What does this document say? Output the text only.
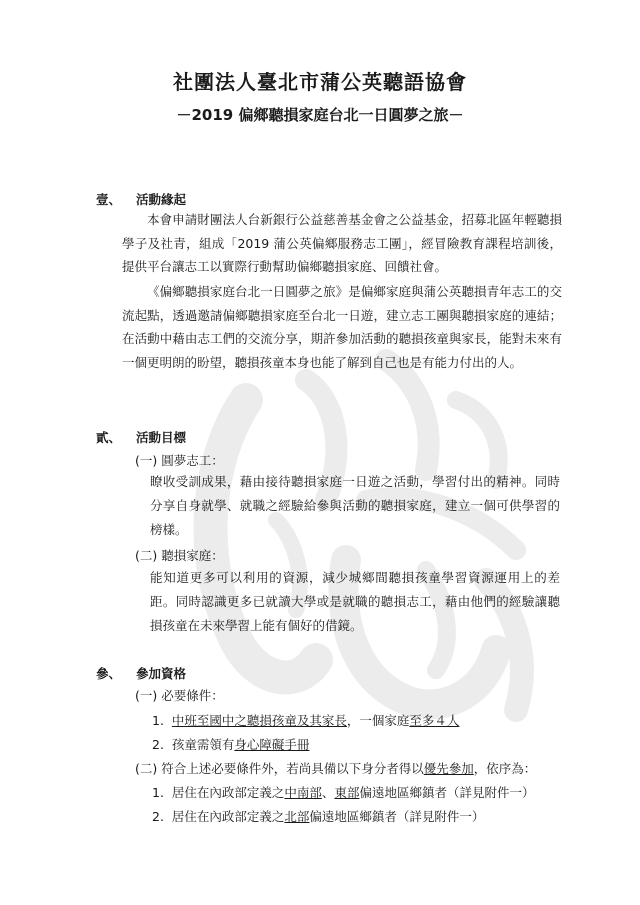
社團法人臺北市蒲公英聽語協會
－2019 偏鄉聽損家庭台北一日圓夢之旅－
壹、 活動緣起
本會申請財團法人台新銀行公益慈善基金會之公益基金，招募北區年輕聽損學子及社青，組成「2019 蒲公英偏鄉服務志工團」，經冒險教育課程培訓後，提供平台讓志工以實際行動幫助偏鄉聽損家庭、回饋社會。
《偏鄉聽損家庭台北一日圓夢之旅》是偏鄉家庭與蒲公英聽損青年志工的交流起點，透過邀請偏鄉聽損家庭至台北一日遊，建立志工團與聽損家庭的連結；在活動中藉由志工們的交流分享，期許參加活動的聽損孩童與家長，能對未來有一個更明朗的盼望，聽損孩童本身也能了解到自己也是有能力付出的人。
貳、 活動目標
(一) 圓夢志工：
瞭收受訓成果，藉由接待聽損家庭一日遊之活動，學習付出的精神。同時分享自身就學、就職之經驗給參與活動的聽損家庭，建立一個可供學習的榜樣。
(二) 聽損家庭：
能知道更多可以利用的資源，減少城鄉間聽損孩童學習資源運用上的差距。同時認識更多已就讀大學或是就職的聽損志工，藉由他們的經驗讓聽損孩童在未來學習上能有個好的借鏡。
參、 參加資格
(一) 必要條件：
1. 中班至國中之聽損孩童及其家長，一個家庭至多４人
2. 孩童需領有身心障礙手冊
(二) 符合上述必要條件外，若尚具備以下身分者得以優先參加，依序為：
1. 居住在內政部定義之中南部、東部偏遠地區鄉鎮者（詳見附件一）
2. 居住在內政部定義之北部偏遠地區鄉鎮者（詳見附件一）
